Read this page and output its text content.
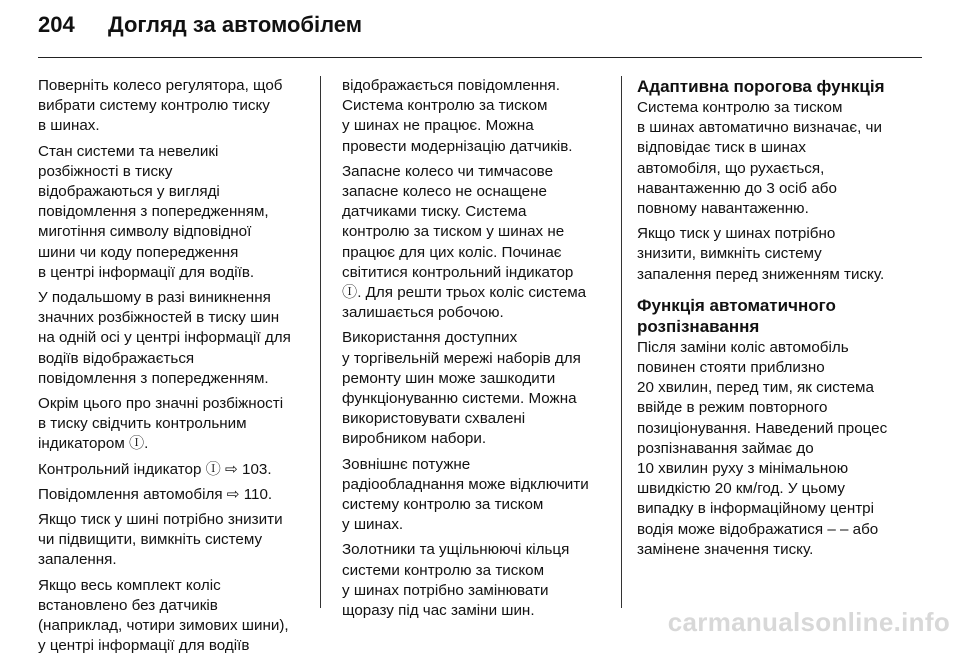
204	Догляд за автомобілем

Поверніть колесо регулятора, щоб
вибрати систему контролю тиску
в шинах.

Стан системи та невеликі
розбіжності в тиску
відображаються у вигляді
повідомлення з попередженням,
миготіння символу відповідної
шини чи коду попередження
в центрі інформації для водіїв.

У подальшому в разі виникнення
значних розбіжностей в тиску шин
на одній осі у центрі інформації для
водіїв відображається
повідомлення з попередженням.

Окрім цього про значні розбіжності
в тиску свідчить контрольним
індикатором Ⓘ.

Контрольний індикатор Ⓘ ⇨ 103.

Повідомлення автомобіля ⇨ 110.

Якщо тиск у шині потрібно знизити
чи підвищити, вимкніть систему
запалення.

Якщо весь комплект коліс
встановлено без датчиків
(наприклад, чотири зимових шини),
у центрі інформації для водіїв

відображається повідомлення.
Система контролю за тиском
у шинах не працює. Можна
провести модернізацію датчиків.

Запасне колесо чи тимчасове
запасне колесо не оснащене
датчиками тиску. Система
контролю за тиском у шинах не
працює для цих коліс. Починає
світитися контрольний індикатор
Ⓘ. Для решти трьох коліс система
залишається робочою.

Використання доступних
у торгівельній мережі наборів для
ремонту шин може зашкодити
функціонуванню системи. Можна
використовувати схвалені
виробником набори.

Зовнішнє потужне
радіообладнання може відключити
систему контролю за тиском
у шинах.

Золотники та ущільнюючі кільця
системи контролю за тиском
у шинах потрібно замінювати
щоразу під час заміни шин.

Адаптивна порогова функція

Система контролю за тиском
в шинах автоматично визначає, чи
відповідає тиск в шинах
автомобіля, що рухається,
навантаженню до 3 осіб або
повному навантаженню.

Якщо тиск у шинах потрібно
знизити, вимкніть систему
запалення перед зниженням тиску.

Функція автоматичного
розпізнавання

Після заміни коліс автомобіль
повинен стояти приблизно
20 хвилин, перед тим, як система
ввійде в режим повторного
позиціонування. Наведений процес
розпізнавання займає до
10 хвилин руху з мінімальною
швидкістю 20 км/год. У цьому
випадку в інформаційному центрі
водія може відображатися – – або
замінене значення тиску.

carmanualsonline.info
